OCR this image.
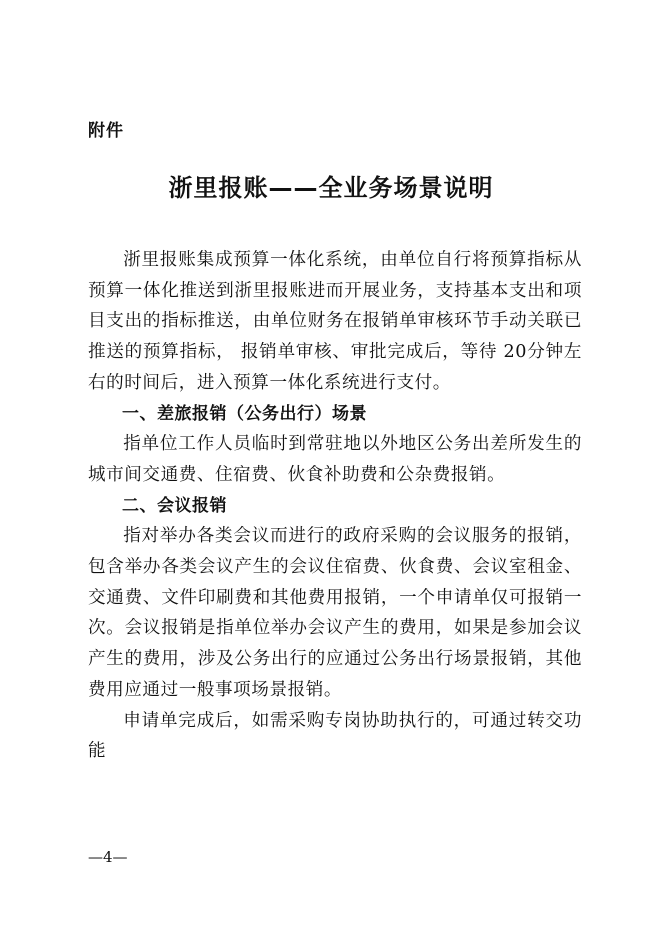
附件
浙里报账——全业务场景说明

浙里报账集成预算一体化系统，由单位自行将预算指标从预算一体化推送到浙里报账进而开展业务，支持基本支出和项目支出的指标推送，由单位财务在报销单审核环节手动关联已推送的预算指标， 报销单审核、审批完成后，等待 20分钟左右的时间后，进入预算一体化系统进行支付。

一、差旅报销（公务出行）场景

指单位工作人员临时到常驻地以外地区公务出差所发生的城市间交通费、住宿费、伙食补助费和公杂费报销。

二、会议报销

指对举办各类会议而进行的政府采购的会议服务的报销，包含举办各类会议产生的会议住宿费、伙食费、会议室租金、交通费、文件印刷费和其他费用报销，一个申请单仅可报销一次。会议报销是指单位举办会议产生的费用，如果是参加会议产生的费用，涉及公务出行的应通过公务出行场景报销，其他费用应通过一般事项场景报销。

申请单完成后，如需采购专岗协助执行的，可通过转交功能

—4—
